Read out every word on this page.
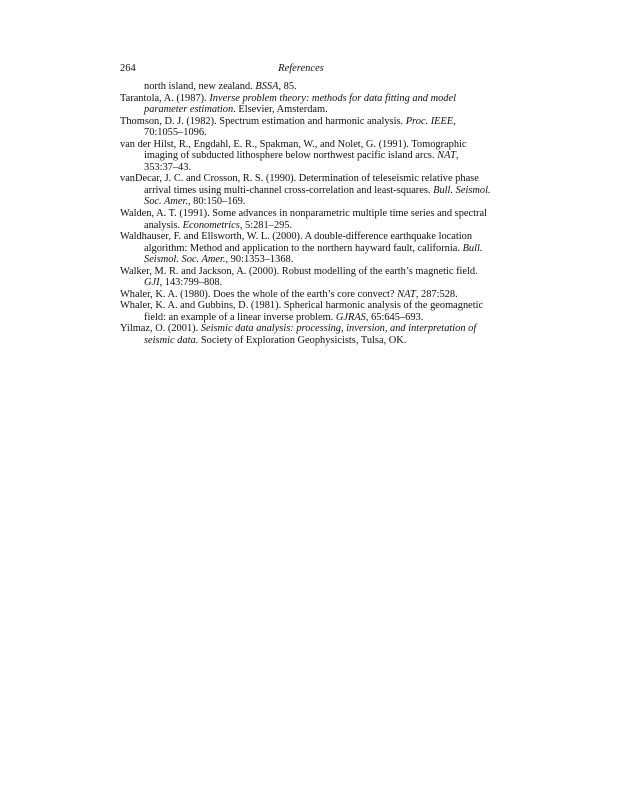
264	References
north island, new zealand. BSSA, 85.
Tarantola, A. (1987). Inverse problem theory: methods for data fitting and model
parameter estimation. Elsevier, Amsterdam.
Thomson, D. J. (1982). Spectrum estimation and harmonic analysis. Proc. IEEE,
70:1055–1096.
van der Hilst, R., Engdahl, E. R., Spakman, W., and Nolet, G. (1991). Tomographic
imaging of subducted lithosphere below northwest pacific island arcs. NAT,
353:37–43.
vanDecar, J. C. and Crosson, R. S. (1990). Determination of teleseismic relative phase
arrival times using multi-channel cross-correlation and least-squares. Bull. Seismol.
Soc. Amer., 80:150–169.
Walden, A. T. (1991). Some advances in nonparametric multiple time series and spectral
analysis. Econometrics, 5:281–295.
Waldhauser, F. and Ellsworth, W. L. (2000). A double-difference earthquake location
algorithm: Method and application to the northern hayward fault, california. Bull.
Seismol. Soc. Amer., 90:1353–1368.
Walker, M. R. and Jackson, A. (2000). Robust modelling of the earth’s magnetic field.
GJI, 143:799–808.
Whaler, K. A. (1980). Does the whole of the earth’s core convect? NAT, 287:528.
Whaler, K. A. and Gubbins, D. (1981). Spherical harmonic analysis of the geomagnetic
field: an example of a linear inverse problem. GJRAS, 65:645–693.
Yilmaz, O. (2001). Seismic data analysis: processing, inversion, and interpretation of
seismic data. Society of Exploration Geophysicists, Tulsa, OK.
